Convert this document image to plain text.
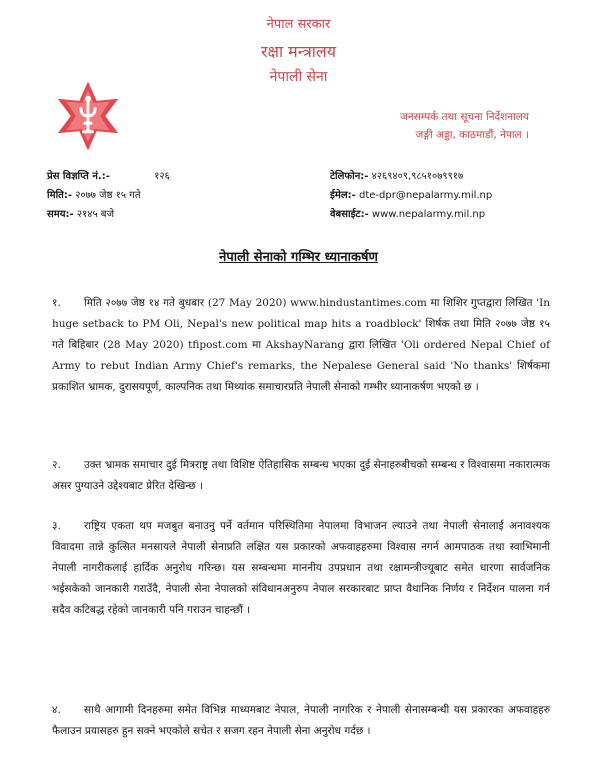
नेपाल सरकार
रक्षा मन्त्रालय
नेपाली सेना
जनसम्पर्क तथा सूचना निर्देशनालय
जङ्गी अड्डा, काठमाडौं, नेपाल ।
प्रेस विज्ञप्ति नं.:-	१२६
मिति:- २०७७ जेष्ठ १५ गते
समय:- २१४५ बजे
टेलिफोन:- ४२६९४०९,९८५१०७९९१७
ईमेल:- dte-dpr@nepalarmy.mil.np
वेबसाईट:- www.nepalarmy.mil.np
नेपाली सेनाको गम्भिर ध्यानाकर्षण
१. मिति २०७७ जेष्ठ १४ गते बुधबार (27 May 2020) www.hindustantimes.com मा शिशिर गुप्तद्वारा लिखित 'In huge setback to PM Oli, Nepal's new political map hits a roadblock' शिर्षक तथा मिति २०७७ जेष्ठ १५ गते बिहिबार (28 May 2020) tfipost.com मा AkshayNarang द्वारा लिखित 'Oli ordered Nepal Chief of Army to rebut Indian Army Chief's remarks, the Nepalese General said 'No thanks' शिर्षकमा प्रकाशित भ्रामक, दुरासयपूर्ण, काल्पनिक तथा मिथ्यांक समाचारप्रति नेपाली सेनाको गम्भीर ध्यानाकर्षण भएको छ ।
२. उक्त भ्रामक समाचार दुई मित्रराष्ट्र तथा विशिष्ट ऐतिहासिक सम्बन्ध भएका दुई सेनाहरुबीचको सम्बन्ध र विश्वासमा नकारात्मक असर पुग्याउने उद्देश्यबाट प्रेरित देखिन्छ ।
३. राष्ट्रिय एकता थप मजबुत बनाउनु पर्ने वर्तमान परिस्थितिमा नेपालमा विभाजन ल्याउने तथा नेपाली सेनालाई अनावश्यक विवादमा तान्ने कुत्सित मनसायले नेपाली सेनाप्रति लक्षित यस प्रकारको अफवाहहरुमा विश्वास नगर्न आमपाठक तथा स्वाभिमानी नेपाली नागरीकलाई हार्दिक अनुरोध गरिन्छ। यस सम्बन्धमा माननीय उपप्रधान तथा रक्षामन्त्रीज्यूबाट समेत धारणा सार्वजनिक भईसकेको जानकारी गराउँदै, नेपाली सेना नेपालको संविधानअनुरुप नेपाल सरकारबाट प्राप्त वैधानिक निर्णय र निर्देशन पालना गर्न सदैव कटिबद्ध रहेको जानकारी पनि गराउन चाहन्छौं ।
४. साथै आगामी दिनहरुमा समेत विभिन्न माध्यमबाट नेपाल, नेपाली नागरिक र नेपाली सेनासम्बन्धी यस प्रकारका अफवाहहरु फैलाउन प्रयासहरु हुन सक्ने भएकोले सचेत र सजग रहन नेपाली सेना अनुरोध गर्दछ ।
